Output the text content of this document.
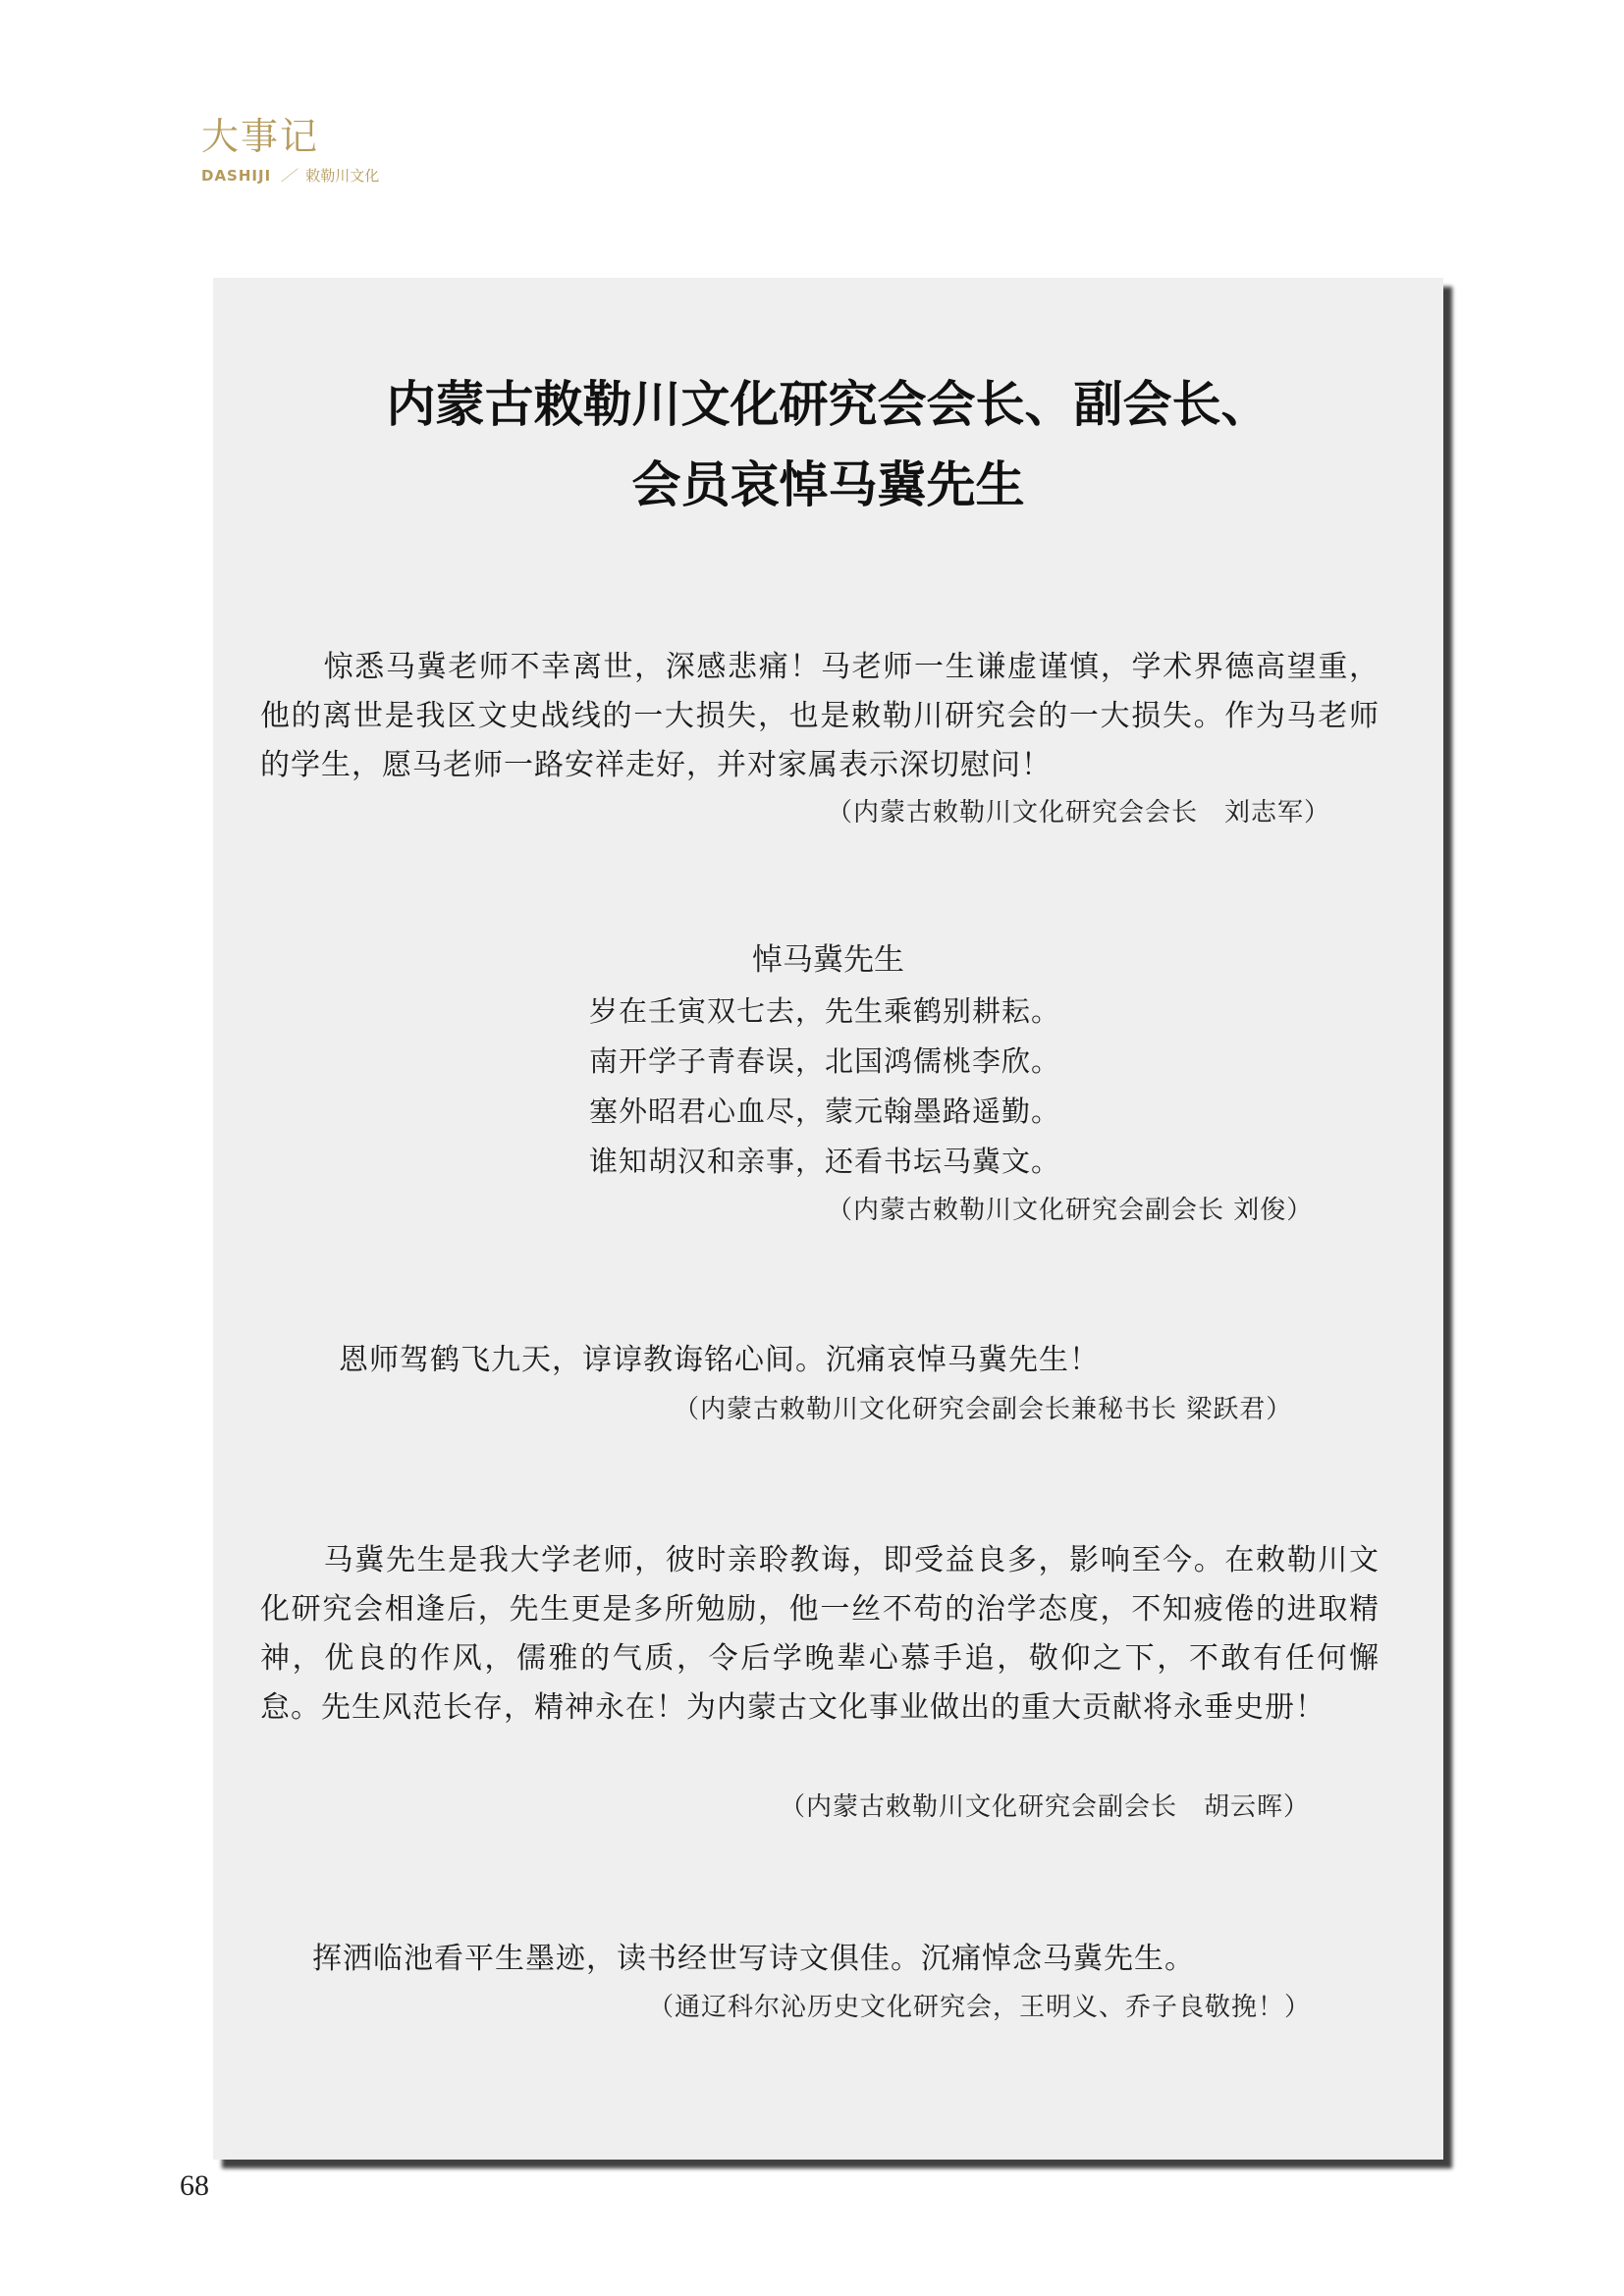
大事记
DASHIJI ／ 敕勒川文化
内蒙古敕勒川文化研究会会长、副会长、
会员哀悼马冀先生
惊悉马冀老师不幸离世，深感悲痛！马老师一生谦虚谨慎，学术界德高望重，他的离世是我区文史战线的一大损失，也是敕勒川研究会的一大损失。作为马老师的学生，愿马老师一路安祥走好，并对家属表示深切慰问！
（内蒙古敕勒川文化研究会会长　刘志军）
悼马冀先生
岁在壬寅双七去，先生乘鹤别耕耘。
南开学子青春误，北国鸿儒桃李欣。
塞外昭君心血尽，蒙元翰墨路遥勤。
谁知胡汉和亲事，还看书坛马冀文。
（内蒙古敕勒川文化研究会副会长 刘俊）
恩师驾鹤飞九天，谆谆教诲铭心间。沉痛哀悼马冀先生！
（内蒙古敕勒川文化研究会副会长兼秘书长 梁跃君）
马冀先生是我大学老师，彼时亲聆教诲，即受益良多，影响至今。在敕勒川文化研究会相逢后，先生更是多所勉励，他一丝不苟的治学态度，不知疲倦的进取精神，优良的作风，儒雅的气质，令后学晚辈心慕手追，敬仰之下，不敢有任何懈怠。先生风范长存，精神永在！为内蒙古文化事业做出的重大贡献将永垂史册！
（内蒙古敕勒川文化研究会副会长　胡云晖）
挥洒临池看平生墨迹，读书经世写诗文俱佳。沉痛悼念马冀先生。
（通辽科尔沁历史文化研究会，王明义、乔子良敬挽！）
68
